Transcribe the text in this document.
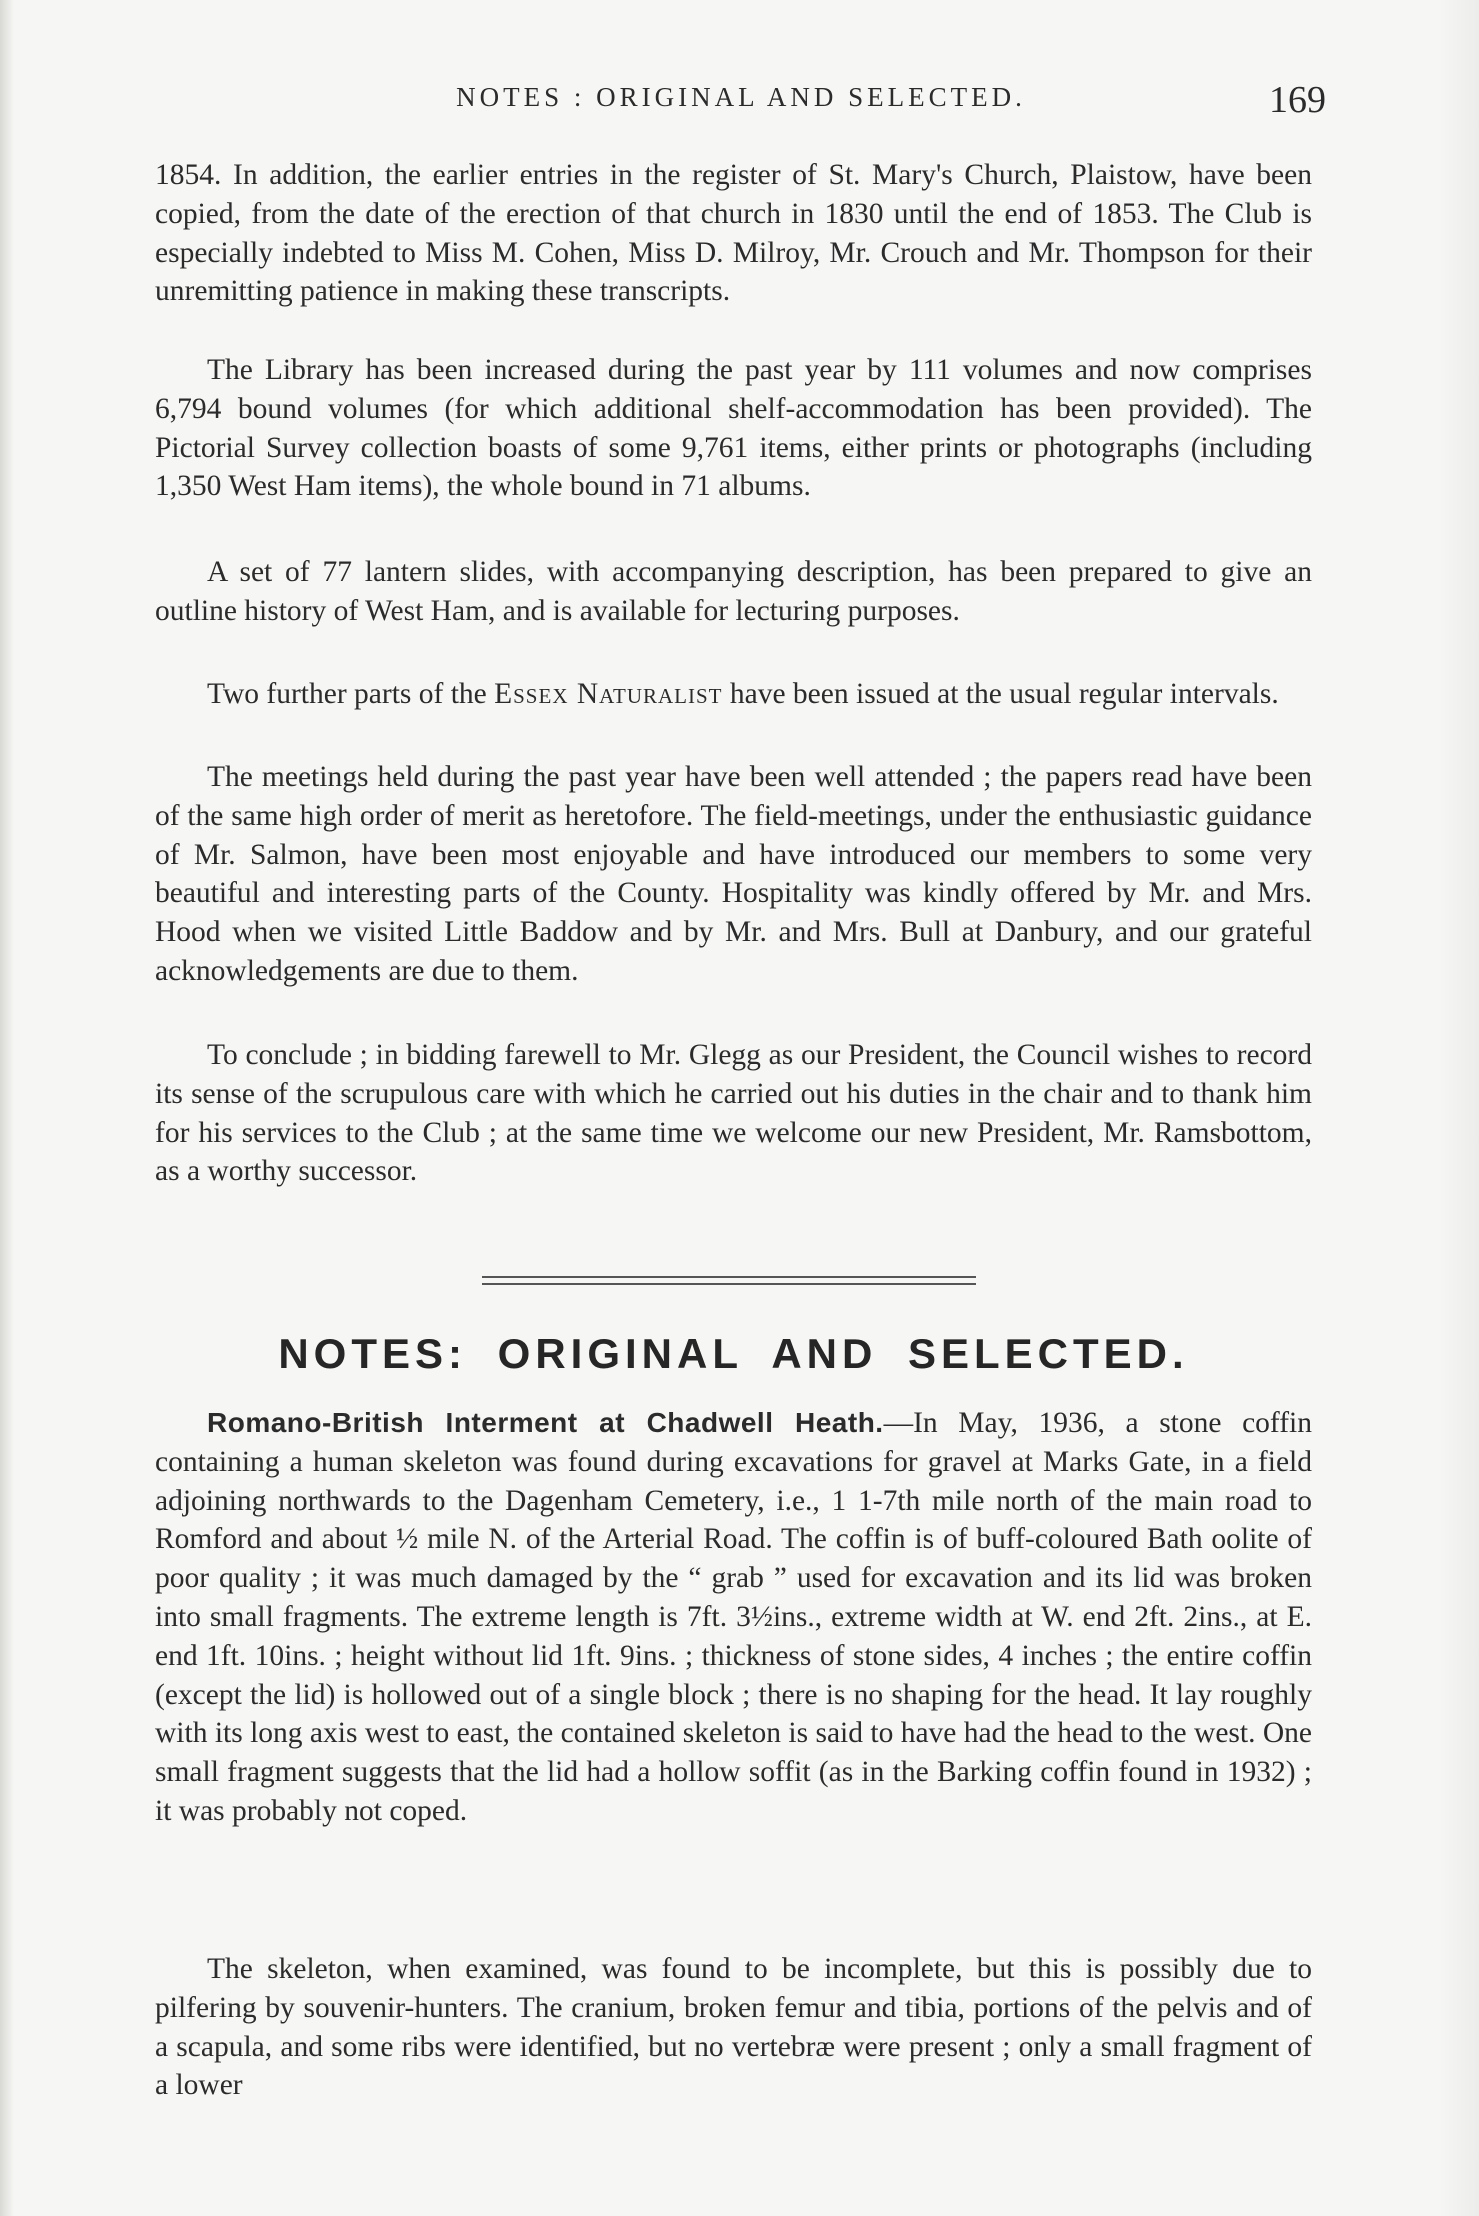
NOTES : ORIGINAL AND SELECTED.	169

1854. In addition, the earlier entries in the register of St. Mary's Church, Plaistow, have been copied, from the date of the erection of that church in 1830 until the end of 1853. The Club is especially indebted to Miss M. Cohen, Miss D. Milroy, Mr. Crouch and Mr. Thompson for their unremitting patience in making these transcripts.

The Library has been increased during the past year by 111 volumes and now comprises 6,794 bound volumes (for which additional shelf-accommodation has been provided). The Pictorial Survey collection boasts of some 9,761 items, either prints or photographs (including 1,350 West Ham items), the whole bound in 71 albums.

A set of 77 lantern slides, with accompanying description, has been prepared to give an outline history of West Ham, and is available for lecturing purposes.

Two further parts of the Essex Naturalist have been issued at the usual regular intervals.

The meetings held during the past year have been well attended ; the papers read have been of the same high order of merit as heretofore. The field-meetings, under the enthusiastic guidance of Mr. Salmon, have been most enjoyable and have introduced our members to some very beautiful and interesting parts of the County. Hospitality was kindly offered by Mr. and Mrs. Hood when we visited Little Baddow and by Mr. and Mrs. Bull at Danbury, and our grateful acknowledgements are due to them.

To conclude ; in bidding farewell to Mr. Glegg as our President, the Council wishes to record its sense of the scrupulous care with which he carried out his duties in the chair and to thank him for his services to the Club ; at the same time we welcome our new President, Mr. Ramsbottom, as a worthy successor.

NOTES: ORIGINAL AND SELECTED.

Romano-British Interment at Chadwell Heath.—In May, 1936, a stone coffin containing a human skeleton was found during excavations for gravel at Marks Gate, in a field adjoining northwards to the Dagenham Cemetery, i.e., 1 1-7th mile north of the main road to Romford and about ½ mile N. of the Arterial Road. The coffin is of buff-coloured Bath oolite of poor quality ; it was much damaged by the “ grab ” used for excavation and its lid was broken into small fragments. The extreme length is 7ft. 3½ins., extreme width at W. end 2ft. 2ins., at E. end 1ft. 10ins. ; height without lid 1ft. 9ins. ; thickness of stone sides, 4 inches ; the entire coffin (except the lid) is hollowed out of a single block ; there is no shaping for the head. It lay roughly with its long axis west to east, the contained skeleton is said to have had the head to the west. One small fragment suggests that the lid had a hollow soffit (as in the Barking coffin found in 1932) ; it was probably not coped.

The skeleton, when examined, was found to be incomplete, but this is possibly due to pilfering by souvenir-hunters. The cranium, broken femur and tibia, portions of the pelvis and of a scapula, and some ribs were identified, but no vertebræ were present ; only a small fragment of a lower
